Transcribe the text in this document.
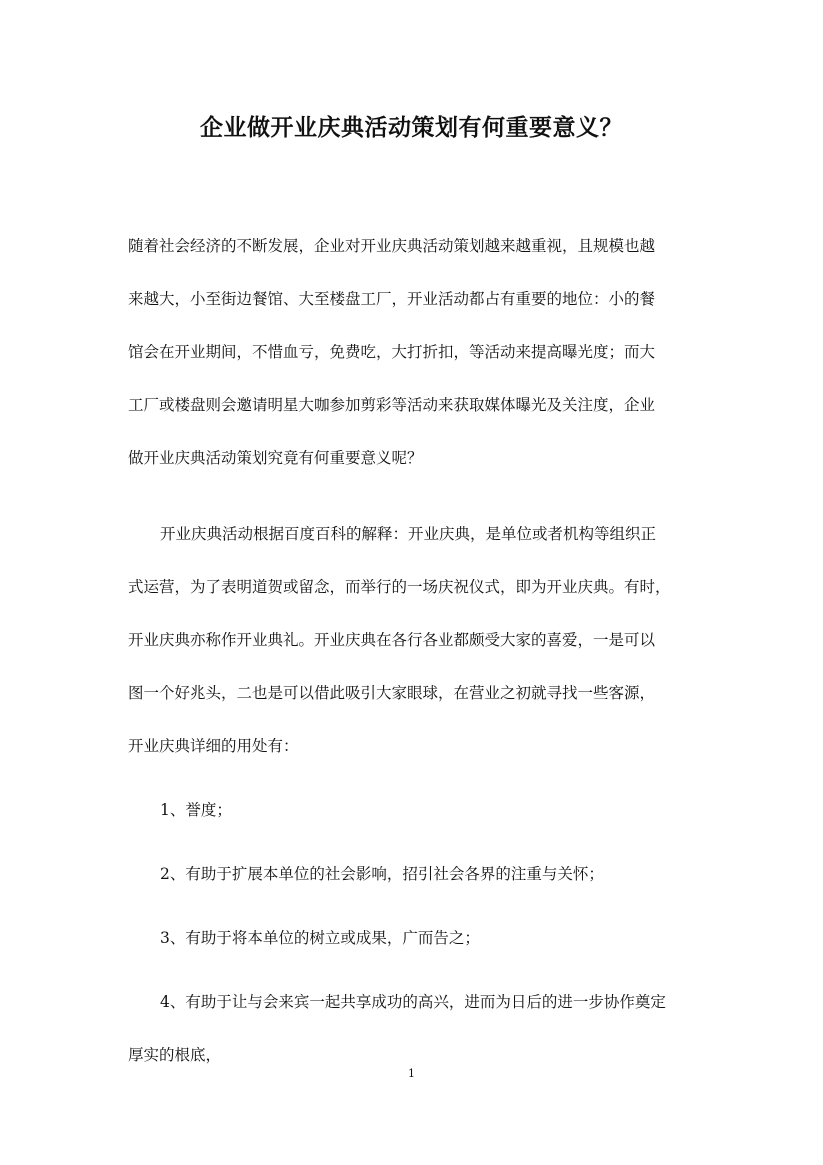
企业做开业庆典活动策划有何重要意义？
随着社会经济的不断发展，企业对开业庆典活动策划越来越重视，且规模也越
来越大，小至街边餐馆、大至楼盘工厂，开业活动都占有重要的地位：小的餐
馆会在开业期间，不惜血亏，免费吃，大打折扣，等活动来提高曝光度；而大
工厂或楼盘则会邀请明星大咖参加剪彩等活动来获取媒体曝光及关注度，企业
做开业庆典活动策划究竟有何重要意义呢？
开业庆典活动根据百度百科的解释：开业庆典，是单位或者机构等组织正
式运营，为了表明道贺或留念，而举行的一场庆祝仪式，即为开业庆典。有时，
开业庆典亦称作开业典礼。开业庆典在各行各业都颇受大家的喜爱，一是可以
图一个好兆头，二也是可以借此吸引大家眼球，在营业之初就寻找一些客源，
开业庆典详细的用处有：
1、誉度；
2、有助于扩展本单位的社会影响，招引社会各界的注重与关怀；
3、有助于将本单位的树立或成果，广而告之；
4、有助于让与会来宾一起共享成功的高兴，进而为日后的进一步协作奠定
厚实的根底，
1
